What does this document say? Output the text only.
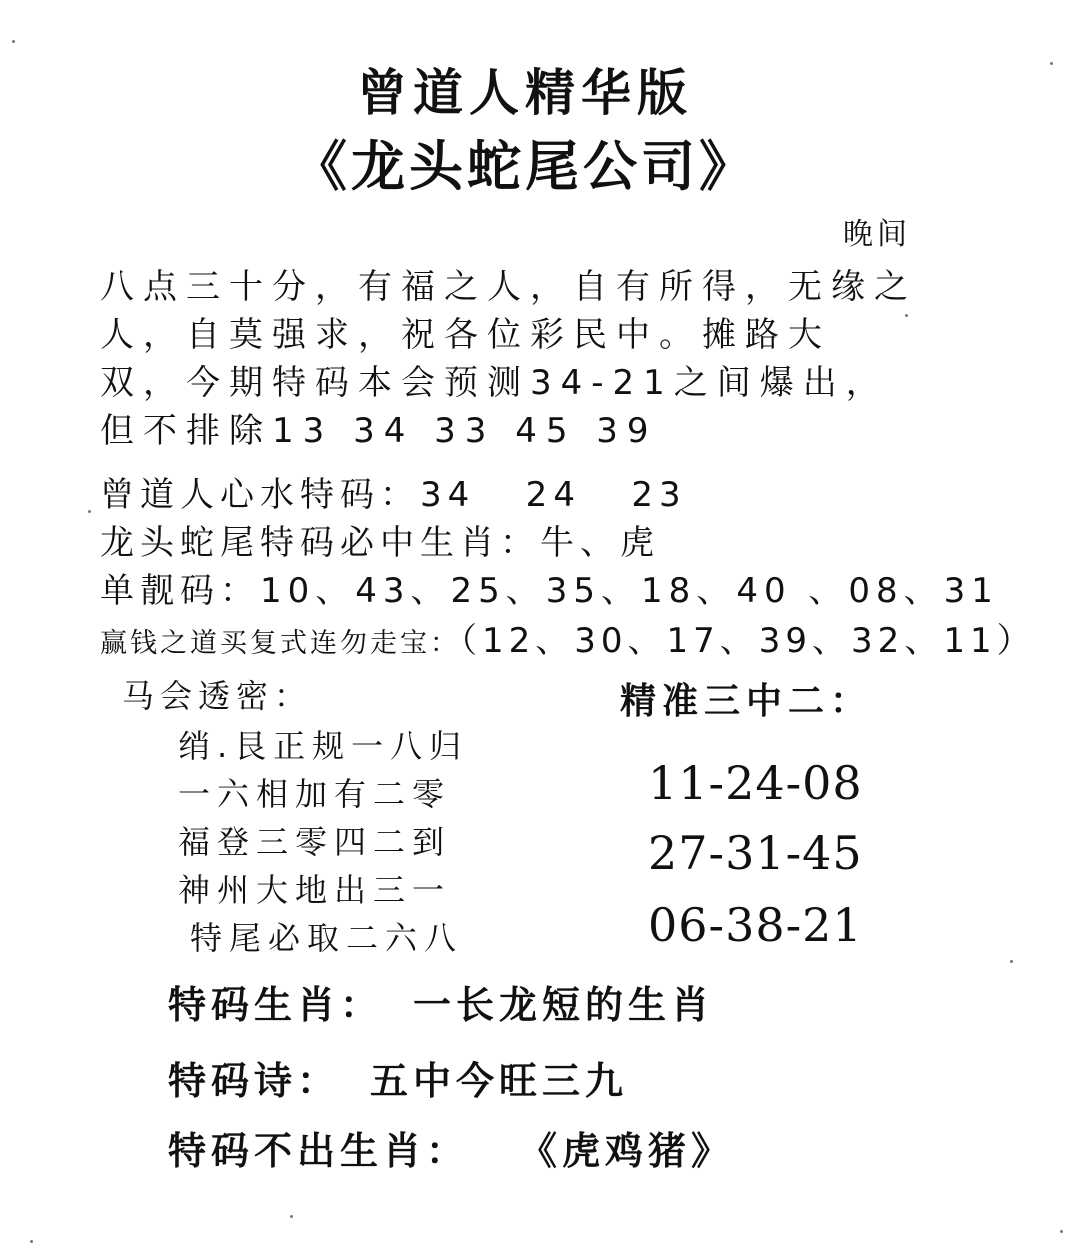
曾道人精华版
《龙头蛇尾公司》
晚间
八点三十分，有福之人，自有所得，无缘之
人，自莫强求，祝各位彩民中。摊路大
双，今期特码本会预测34-21之间爆出，
但不排除13 34 33 45 39
曾道人心水特码：34   24   23
龙头蛇尾特码必中生肖：牛、虎
单靓码：10、43、25、35、18、40 、08、31
赢钱之道买复式连勿走宝：（12、30、17、39、32、11）
马会透密：
绡.艮正规一八归
一六相加有二零
福登三零四二到
神州大地出三一
特尾必取二六八
精准三中二：
11-24-08
27-31-45
06-38-21
特码生肖： 一长龙短的生肖
特码诗： 五中今旺三九
特码不出生肖： 《虎鸡猪》
